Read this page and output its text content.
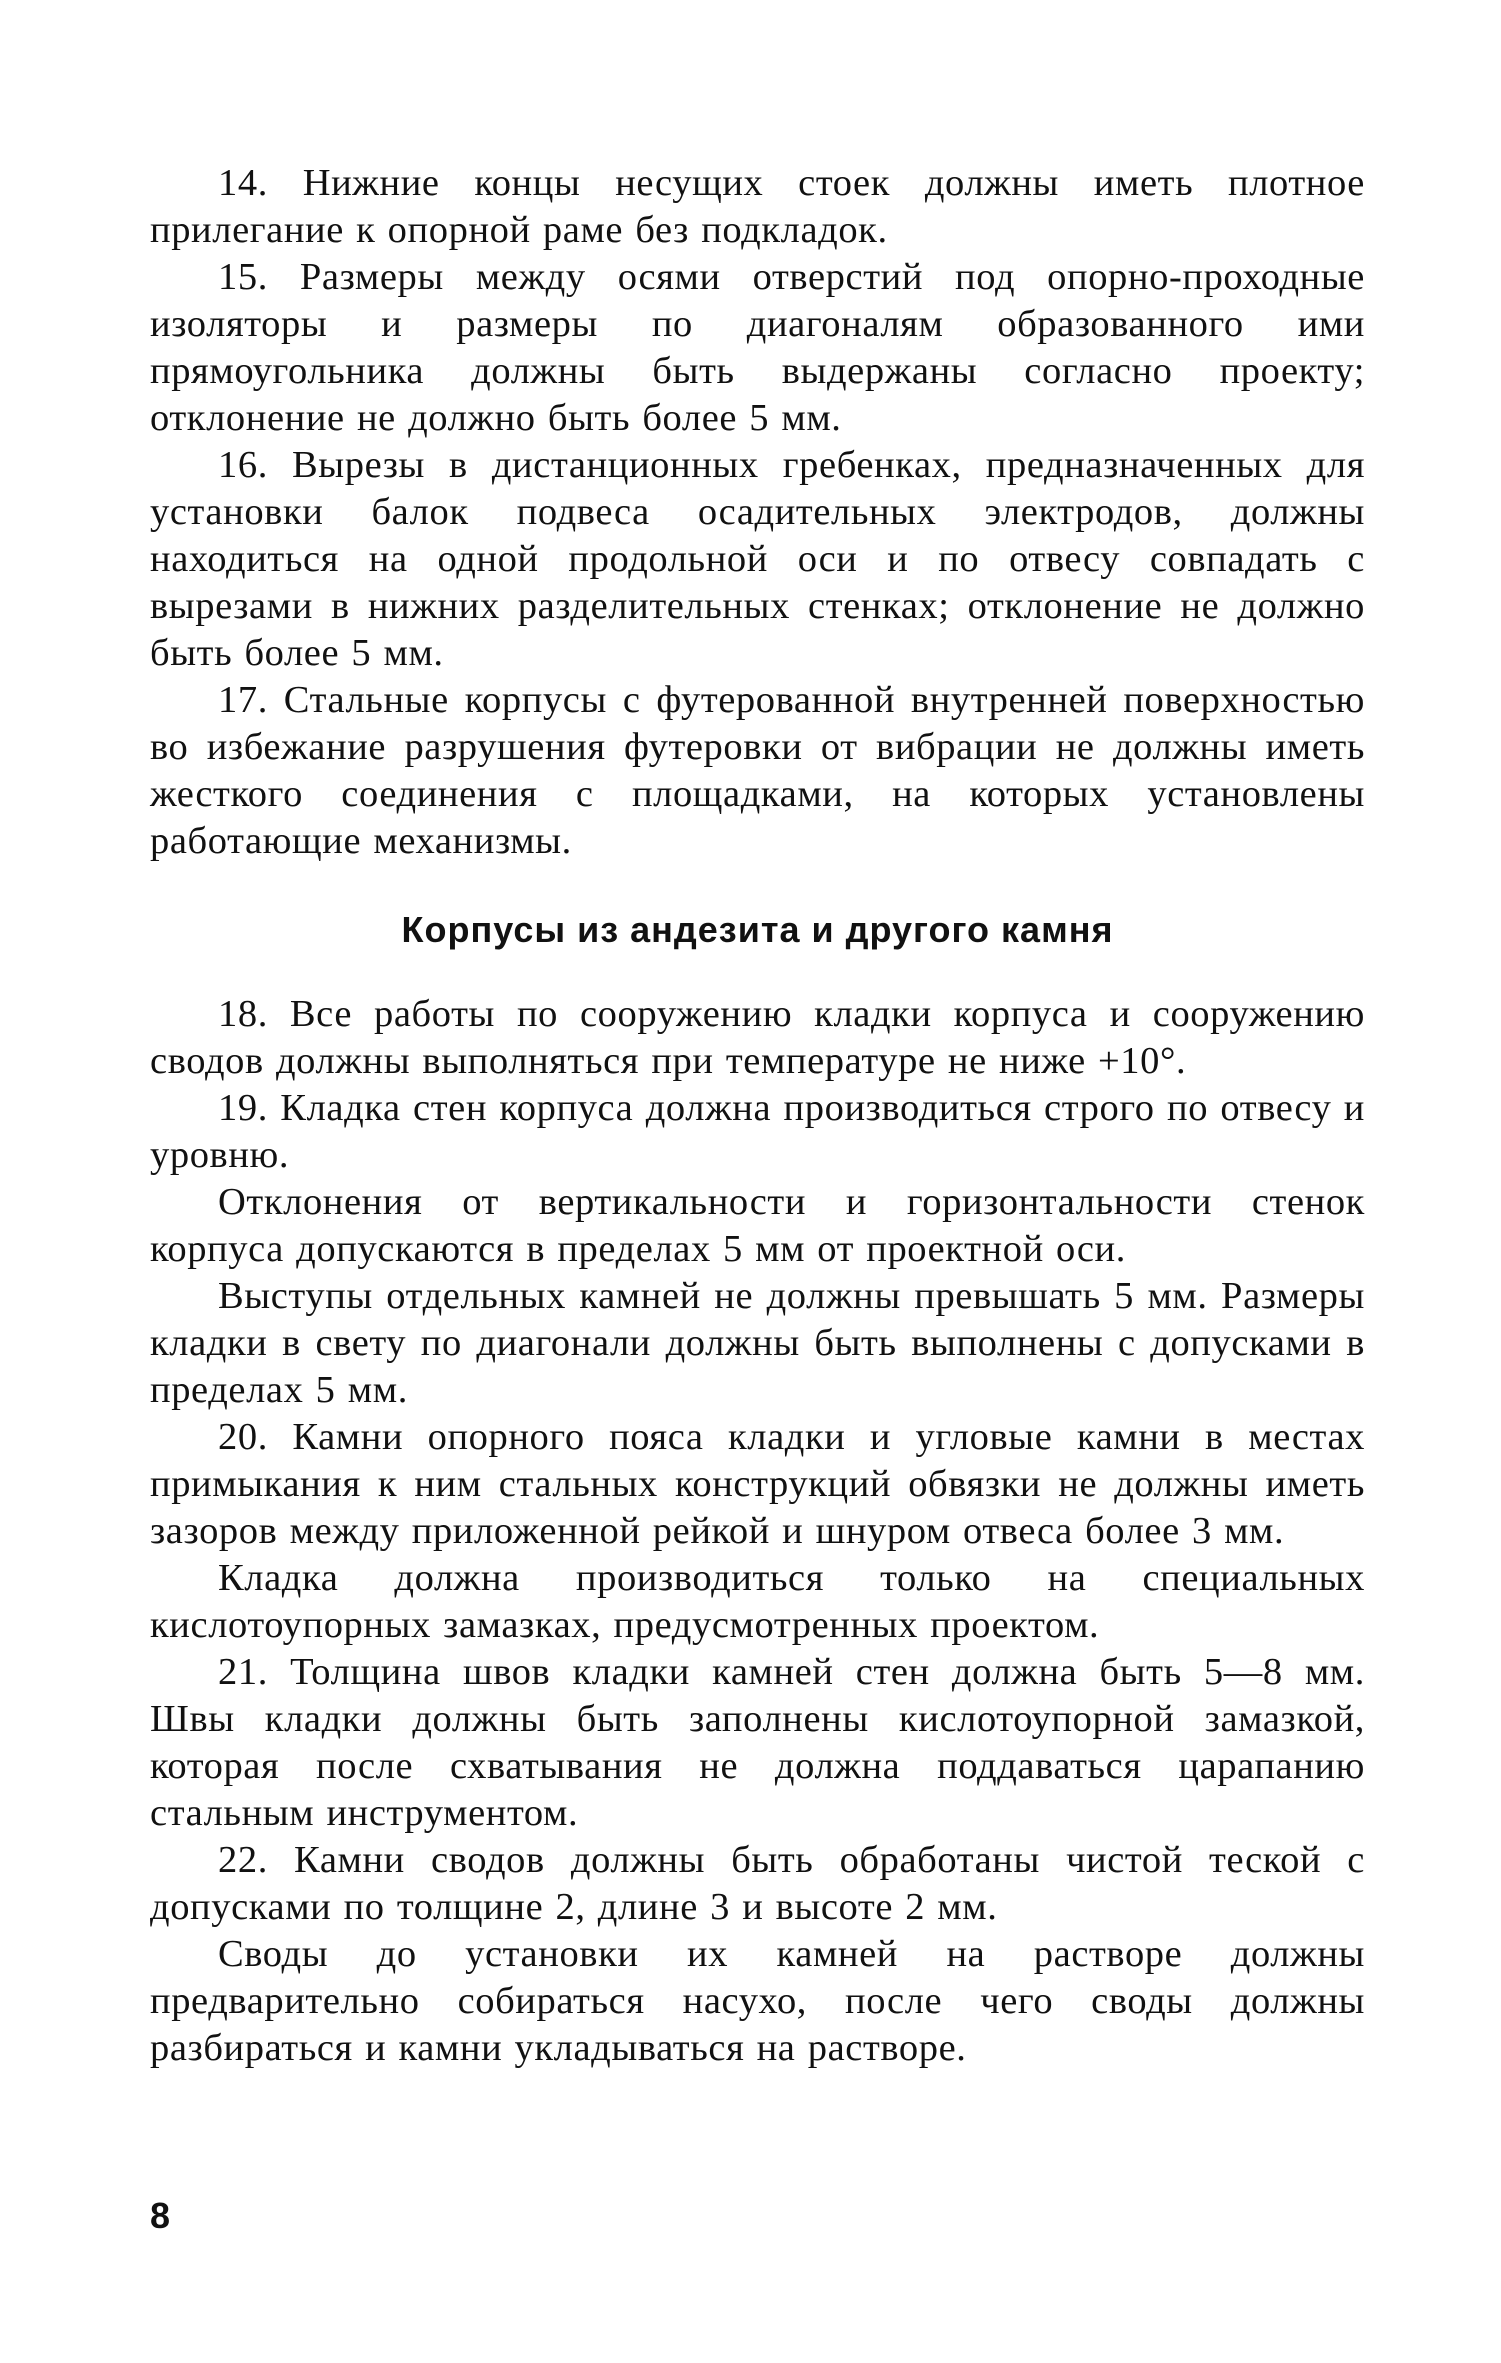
14. Нижние концы несущих стоек должны иметь плотное прилегание к опорной раме без подкладок.

15. Размеры между осями отверстий под опорно-проходные изоляторы и размеры по диагоналям образованного ими прямоугольника должны быть выдержаны согласно проекту; отклонение не должно быть более 5 мм.

16. Вырезы в дистанционных гребенках, предназначенных для установки балок подвеса осадительных электродов, должны находиться на одной продольной оси и по отвесу совпадать с вырезами в нижних разделительных стенках; отклонение не должно быть более 5 мм.

17. Стальные корпусы с футерованной внутренней поверхностью во избежание разрушения футеровки от вибрации не должны иметь жесткого соединения с площадками, на которых установлены работающие механизмы.

Корпусы из андезита и другого камня

18. Все работы по сооружению кладки корпуса и сооружению сводов должны выполняться при температуре не ниже +10°.

19. Кладка стен корпуса должна производиться строго по отвесу и уровню.

Отклонения от вертикальности и горизонтальности стенок корпуса допускаются в пределах 5 мм от проектной оси.

Выступы отдельных камней не должны превышать 5 мм. Размеры кладки в свету по диагонали должны быть выполнены с допусками в пределах 5 мм.

20. Камни опорного пояса кладки и угловые камни в местах примыкания к ним стальных конструкций обвязки не должны иметь зазоров между приложенной рейкой и шнуром отвеса более 3 мм.

Кладка должна производиться только на специальных кислотоупорных замазках, предусмотренных проектом.

21. Толщина швов кладки камней стен должна быть 5—8 мм. Швы кладки должны быть заполнены кислотоупорной замазкой, которая после схватывания не должна поддаваться царапанию стальным инструментом.

22. Камни сводов должны быть обработаны чистой теской с допусками по толщине 2, длине 3 и высоте 2 мм.

Своды до установки их камней на растворе должны предварительно собираться насухо, после чего своды должны разбираться и камни укладываться на растворе.

8
